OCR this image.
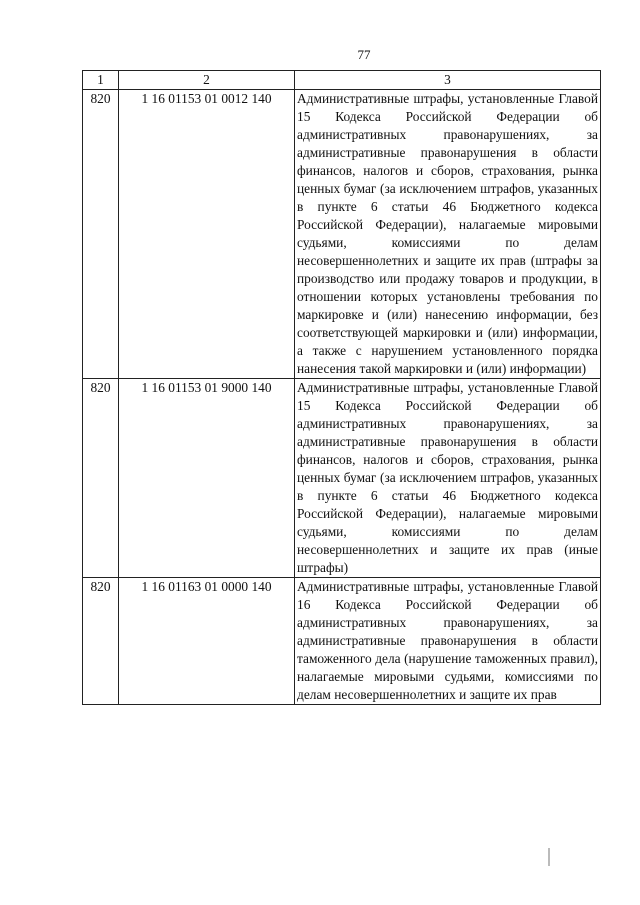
77
1	2	3
820	1 16 01153 01 0012 140	Административные штрафы, установленные Главой 15 Кодекса Российской Федерации об административных правонарушениях, за административные правонарушения в области финансов, налогов и сборов, страхования, рынка ценных бумаг (за исключением штрафов, указанных в пункте 6 статьи 46 Бюджетного кодекса Российской Федерации), налагаемые мировыми судьями, комиссиями по делам несовершеннолетних и защите их прав (штрафы за производство или продажу товаров и продукции, в отношении которых установлены требования по маркировке и (или) нанесению информации, без соответствующей маркировки и (или) информации, а также с нарушением установленного порядка нанесения такой маркировки и (или) информации)
820	1 16 01153 01 9000 140	Административные штрафы, установленные Главой 15 Кодекса Российской Федерации об административных правонарушениях, за административные правонарушения в области финансов, налогов и сборов, страхования, рынка ценных бумаг (за исключением штрафов, указанных в пункте 6 статьи 46 Бюджетного кодекса Российской Федерации), налагаемые мировыми судьями, комиссиями по делам несовершеннолетних и защите их прав (иные штрафы)
820	1 16 01163 01 0000 140	Административные штрафы, установленные Главой 16 Кодекса Российской Федерации об административных правонарушениях, за административные правонарушения в области таможенного дела (нарушение таможенных правил), налагаемые мировыми судьями, комиссиями по делам несовершеннолетних и защите их прав
